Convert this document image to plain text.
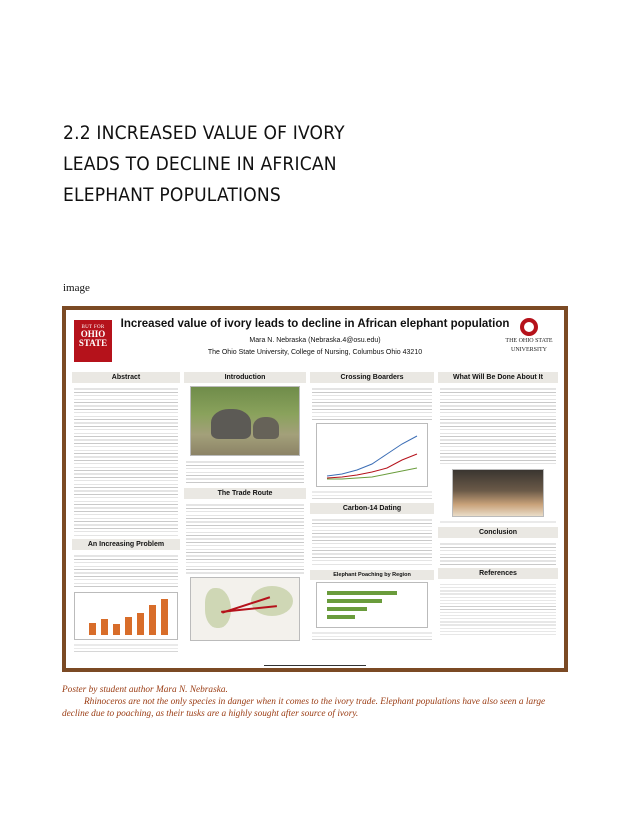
2.2 INCREASED VALUE OF IVORY LEADS TO DECLINE IN AFRICAN ELEPHANT POPULATIONS
image
BUT FOR
OHIO
STATE	THE OHIO STATE
UNIVERSITY
Increased value of ivory leads to decline in African elephant population
Mara N. Nebraska (Nebraska.4@osu.edu)
The Ohio State University, College of Nursing, Columbus Ohio 43210
Abstract
An Increasing Problem
Introduction
The Trade Route
Crossing Boarders
Carbon-14 Dating
Elephant Poaching by Region
What Will Be Done About It
Conclusion
References

Poster by student author Mara N. Nebraska.

Rhinoceros are not the only species in danger when it comes to the ivory trade. Elephant populations have also seen a large decline due to poaching, as their tusks are a highly sought after source of ivory.
